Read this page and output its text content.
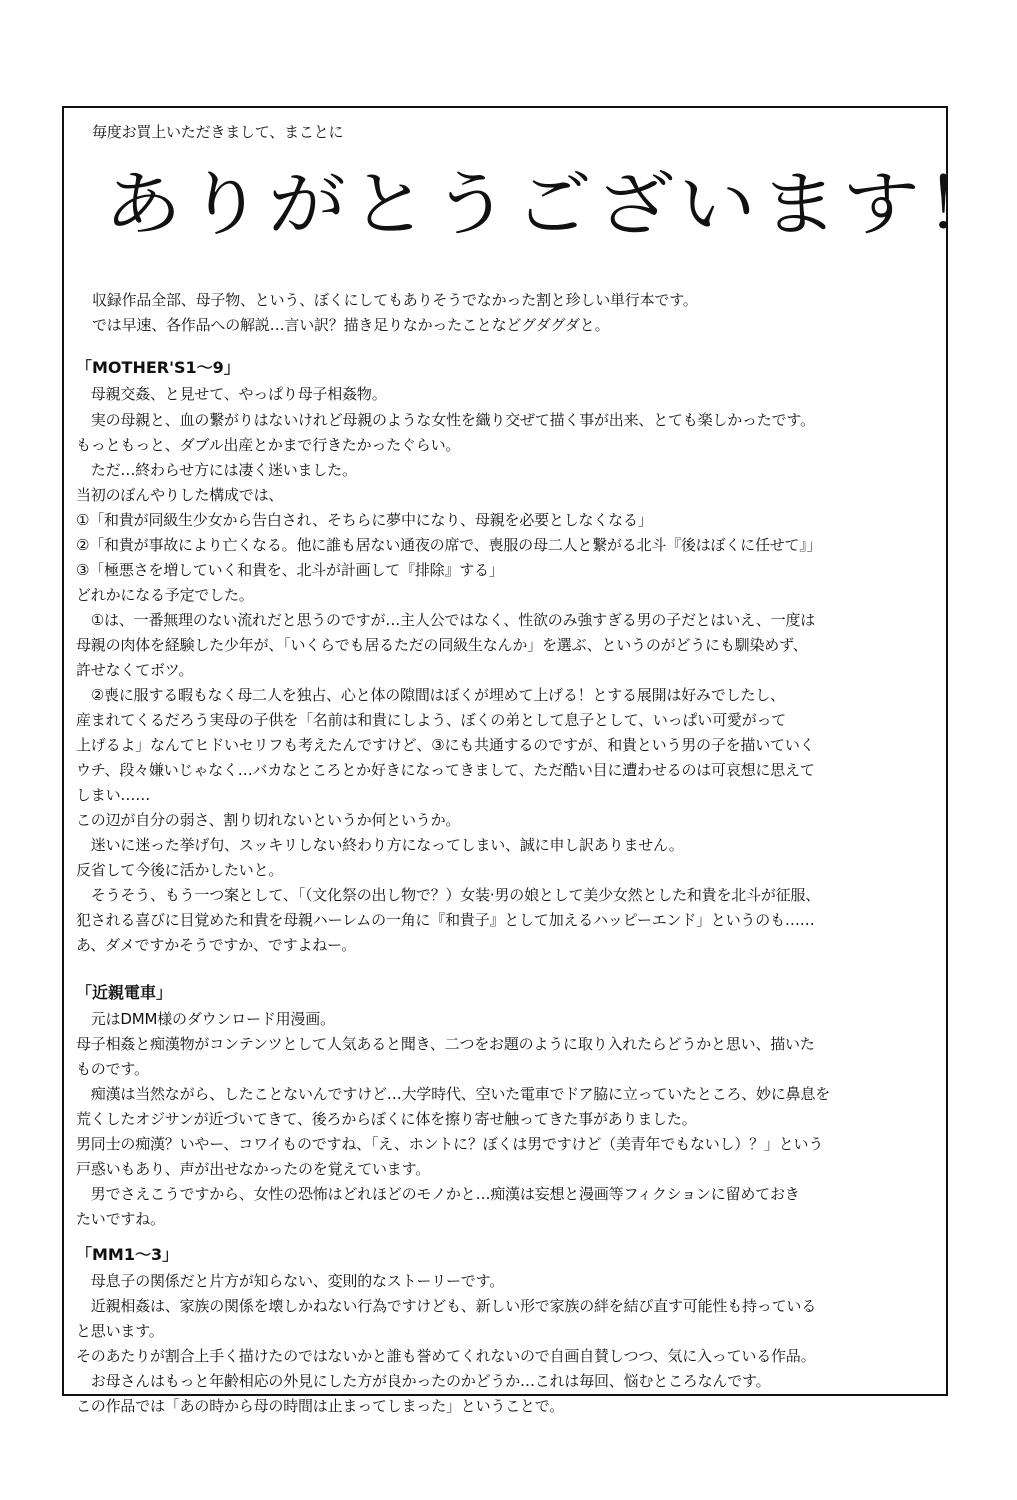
毎度お買上いただきまして、まことに
ありがとうございます！
収録作品全部、母子物、という、ぼくにしてもありそうでなかった割と珍しい単行本です。
では早速、各作品への解説…言い訳？描き足りなかったことなどグダグダと。
「MOTHER'S1～9」
　母親交姦、と見せて、やっぱり母子相姦物。
　実の母親と、血の繋がりはないけれど母親のような女性を織り交ぜて描く事が出来、とても楽しかったです。
もっともっと、ダブル出産とかまで行きたかったぐらい。
　ただ…終わらせ方には凄く迷いました。
当初のぼんやりした構成では、
①「和貴が同級生少女から告白され、そちらに夢中になり、母親を必要としなくなる」
②「和貴が事故により亡くなる。他に誰も居ない通夜の席で、喪服の母二人と繋がる北斗『後はぼくに任せて』」
③「極悪さを増していく和貴を、北斗が計画して『排除』する」
どれかになる予定でした。
　①は、一番無理のない流れだと思うのですが…主人公ではなく、性欲のみ強すぎる男の子だとはいえ、一度は
母親の肉体を経験した少年が、「いくらでも居るただの同級生なんか」を選ぶ、というのがどうにも馴染めず、
許せなくてボツ。
　②喪に服する暇もなく母二人を独占、心と体の隙間はぼくが埋めて上げる！とする展開は好みでしたし、
産まれてくるだろう実母の子供を「名前は和貴にしよう、ぼくの弟として息子として、いっぱい可愛がって
上げるよ」なんてヒドいセリフも考えたんですけど、③にも共通するのですが、和貴という男の子を描いていく
ウチ、段々嫌いじゃなく…バカなところとか好きになってきまして、ただ酷い目に遭わせるのは可哀想に思えて
しまい……
この辺が自分の弱さ、割り切れないというか何というか。
　迷いに迷った挙げ句、スッキリしない終わり方になってしまい、誠に申し訳ありません。
反省して今後に活かしたいと。
　そうそう、もう一つ案として、「（文化祭の出し物で？）女装·男の娘として美少女然とした和貴を北斗が征服、
犯される喜びに目覚めた和貴を母親ハーレムの一角に『和貴子』として加えるハッピーエンド」というのも……
あ、ダメですかそうですか、ですよねー。
「近親電車」
　元はDMM様のダウンロード用漫画。
母子相姦と痴漢物がコンテンツとして人気あると聞き、二つをお題のように取り入れたらどうかと思い、描いた
ものです。
　痴漢は当然ながら、したことないんですけど…大学時代、空いた電車でドア脇に立っていたところ、妙に鼻息を
荒くしたオジサンが近づいてきて、後ろからぼくに体を擦り寄せ触ってきた事がありました。
男同士の痴漢？いやー、コワイものですね、「え、ホントに？ぼくは男ですけど（美青年でもないし）？」という
戸惑いもあり、声が出せなかったのを覚えています。
　男でさえこうですから、女性の恐怖はどれほどのモノかと…痴漢は妄想と漫画等フィクションに留めておき
たいですね。
「MM1～3」
　母息子の関係だと片方が知らない、変則的なストーリーです。
　近親相姦は、家族の関係を壊しかねない行為ですけども、新しい形で家族の絆を結び直す可能性も持っている
と思います。
そのあたりが割合上手く描けたのではないかと誰も誉めてくれないので自画自賛しつつ、気に入っている作品。
　お母さんはもっと年齢相応の外見にした方が良かったのかどうか…これは毎回、悩むところなんです。
この作品では「あの時から母の時間は止まってしまった」ということで。
